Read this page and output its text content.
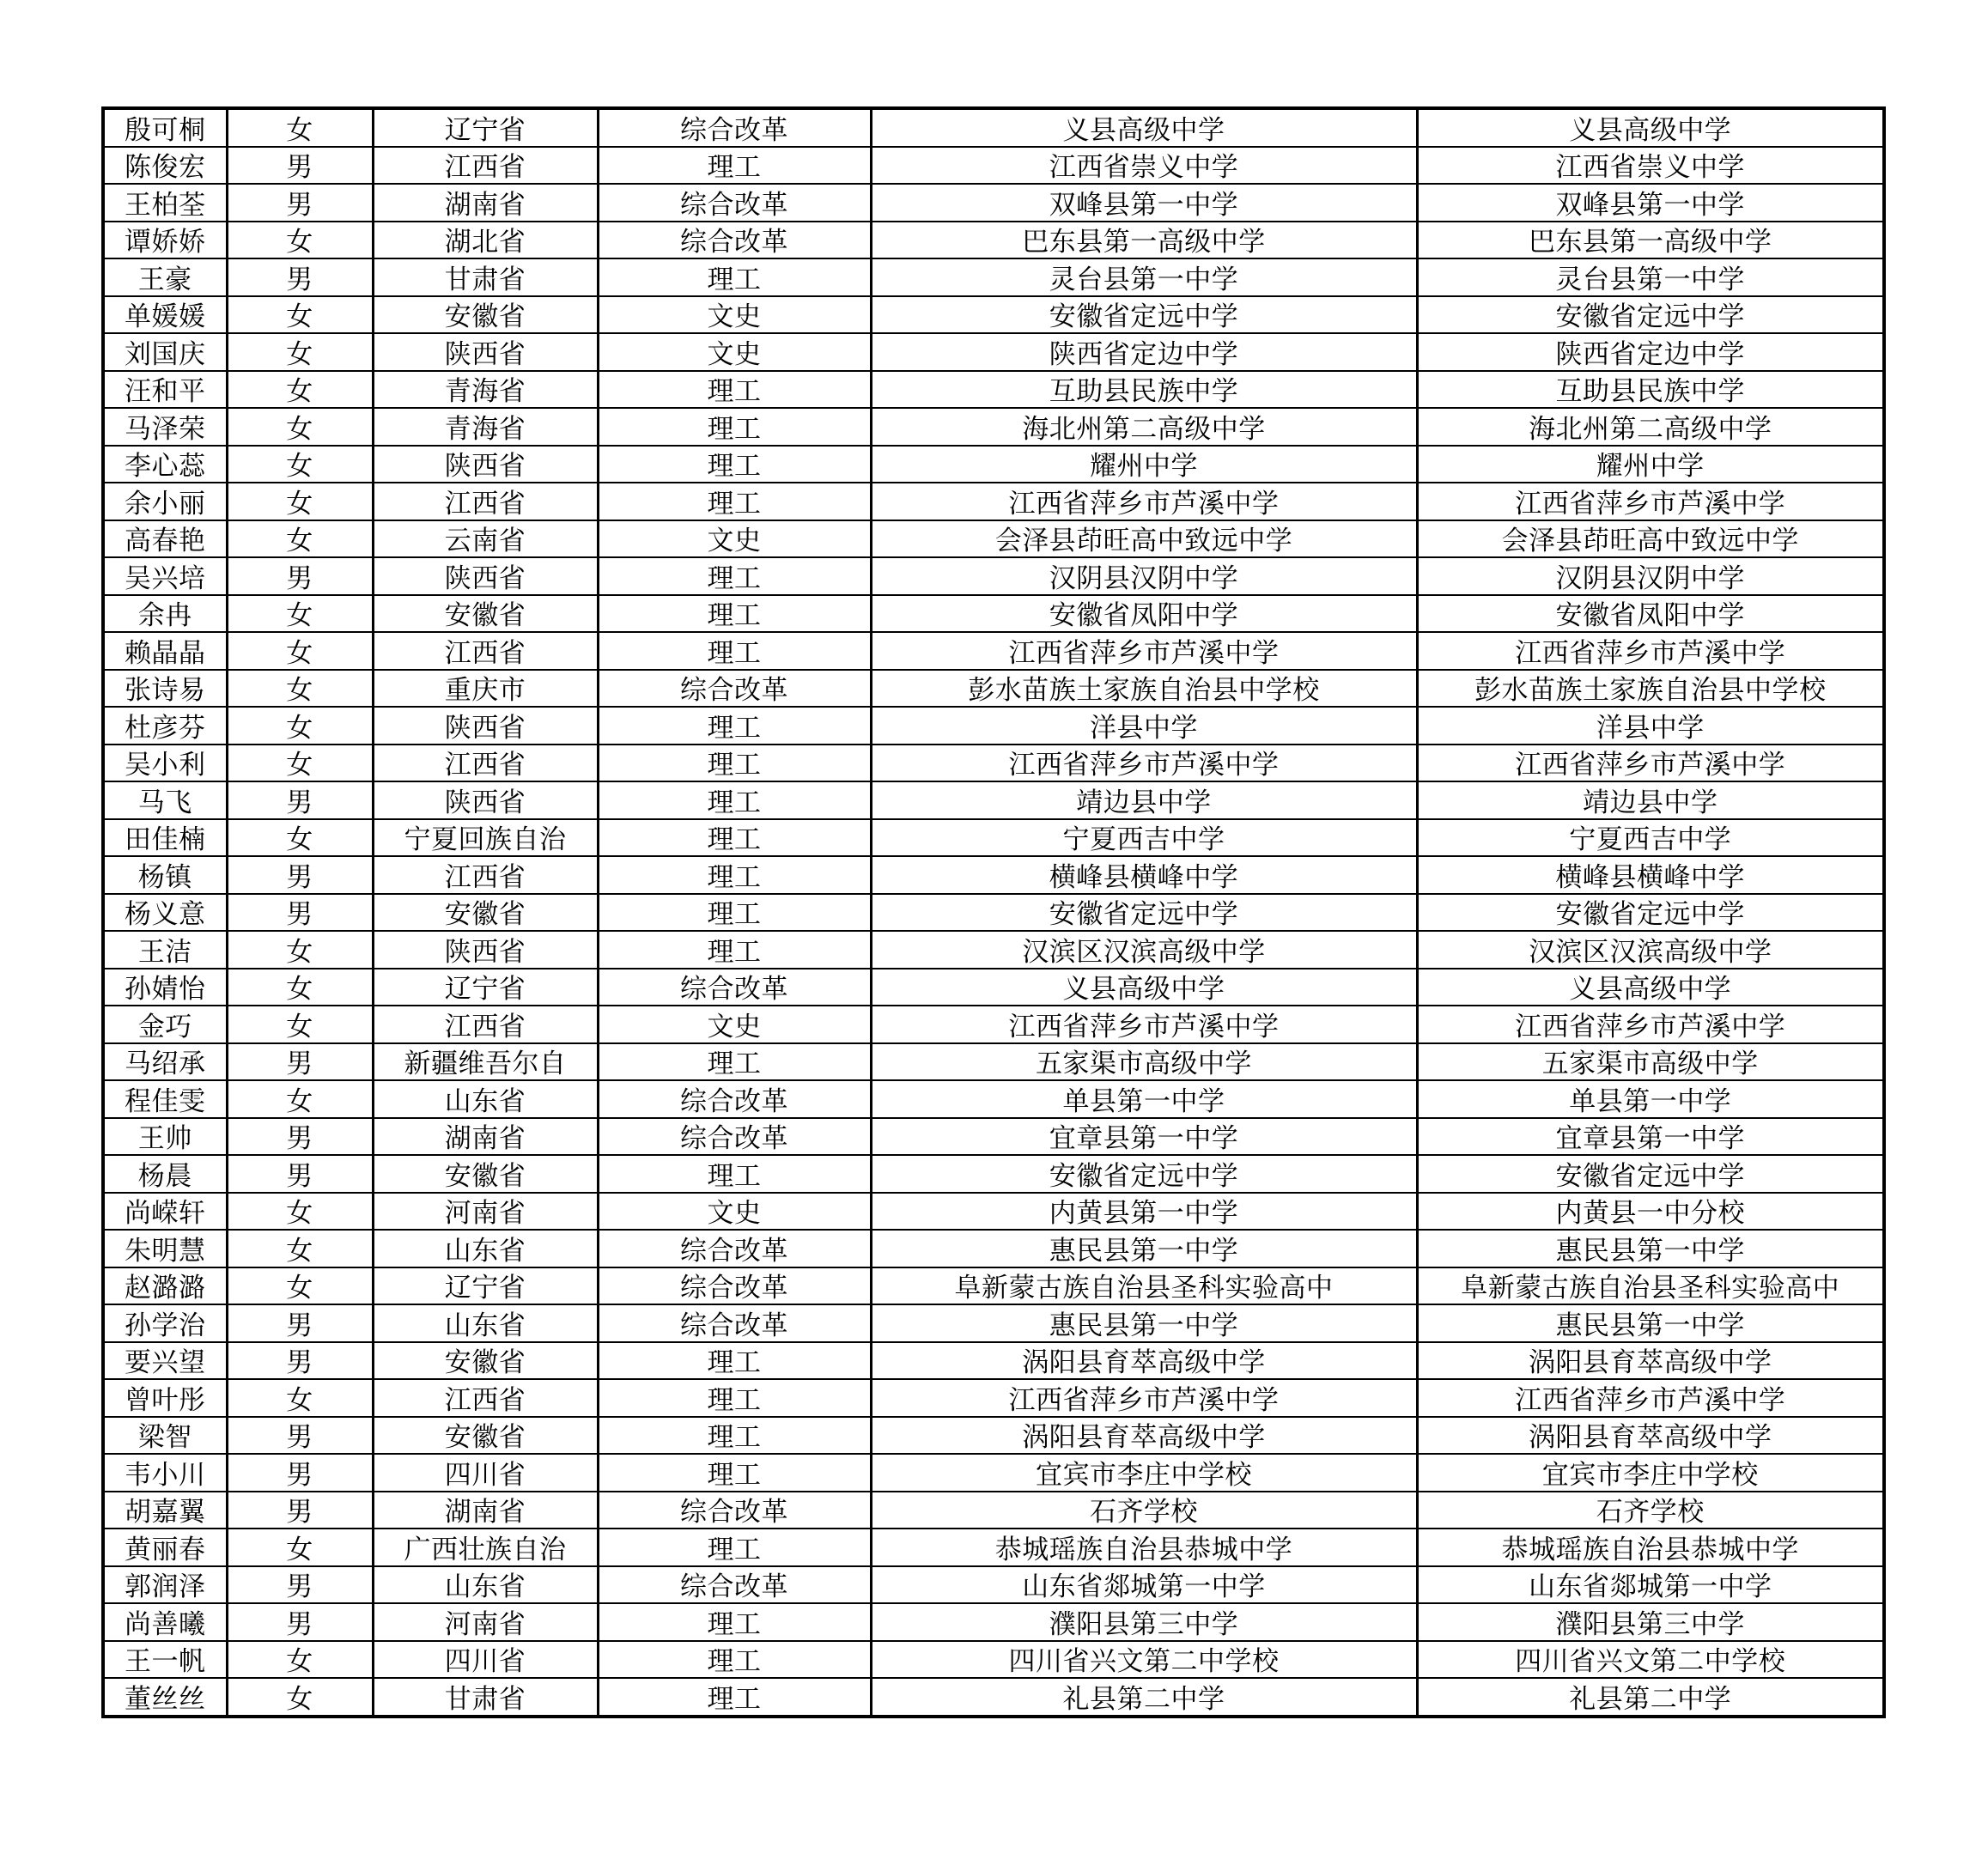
殷可桐	女	辽宁省	综合改革	义县高级中学	义县高级中学
陈俊宏	男	江西省	理工	江西省崇义中学	江西省崇义中学
王柏荃	男	湖南省	综合改革	双峰县第一中学	双峰县第一中学
谭娇娇	女	湖北省	综合改革	巴东县第一高级中学	巴东县第一高级中学
王豪	男	甘肃省	理工	灵台县第一中学	灵台县第一中学
单媛媛	女	安徽省	文史	安徽省定远中学	安徽省定远中学
刘国庆	女	陕西省	文史	陕西省定边中学	陕西省定边中学
汪和平	女	青海省	理工	互助县民族中学	互助县民族中学
马泽荣	女	青海省	理工	海北州第二高级中学	海北州第二高级中学
李心蕊	女	陕西省	理工	耀州中学	耀州中学
余小丽	女	江西省	理工	江西省萍乡市芦溪中学	江西省萍乡市芦溪中学
高春艳	女	云南省	文史	会泽县茚旺高中致远中学	会泽县茚旺高中致远中学
吴兴培	男	陕西省	理工	汉阴县汉阴中学	汉阴县汉阴中学
余冉	女	安徽省	理工	安徽省凤阳中学	安徽省凤阳中学
赖晶晶	女	江西省	理工	江西省萍乡市芦溪中学	江西省萍乡市芦溪中学
张诗易	女	重庆市	综合改革	彭水苗族土家族自治县中学校	彭水苗族土家族自治县中学校
杜彦芬	女	陕西省	理工	洋县中学	洋县中学
吴小利	女	江西省	理工	江西省萍乡市芦溪中学	江西省萍乡市芦溪中学
马飞	男	陕西省	理工	靖边县中学	靖边县中学
田佳楠	女	宁夏回族自治	理工	宁夏西吉中学	宁夏西吉中学
杨镇	男	江西省	理工	横峰县横峰中学	横峰县横峰中学
杨义意	男	安徽省	理工	安徽省定远中学	安徽省定远中学
王洁	女	陕西省	理工	汉滨区汉滨高级中学	汉滨区汉滨高级中学
孙婧怡	女	辽宁省	综合改革	义县高级中学	义县高级中学
金巧	女	江西省	文史	江西省萍乡市芦溪中学	江西省萍乡市芦溪中学
马绍承	男	新疆维吾尔自	理工	五家渠市高级中学	五家渠市高级中学
程佳雯	女	山东省	综合改革	单县第一中学	单县第一中学
王帅	男	湖南省	综合改革	宜章县第一中学	宜章县第一中学
杨晨	男	安徽省	理工	安徽省定远中学	安徽省定远中学
尚嵘轩	女	河南省	文史	内黄县第一中学	内黄县一中分校
朱明慧	女	山东省	综合改革	惠民县第一中学	惠民县第一中学
赵潞潞	女	辽宁省	综合改革	阜新蒙古族自治县圣科实验高中	阜新蒙古族自治县圣科实验高中
孙学治	男	山东省	综合改革	惠民县第一中学	惠民县第一中学
要兴望	男	安徽省	理工	涡阳县育萃高级中学	涡阳县育萃高级中学
曾叶彤	女	江西省	理工	江西省萍乡市芦溪中学	江西省萍乡市芦溪中学
梁智	男	安徽省	理工	涡阳县育萃高级中学	涡阳县育萃高级中学
韦小川	男	四川省	理工	宜宾市李庄中学校	宜宾市李庄中学校
胡嘉翼	男	湖南省	综合改革	石齐学校	石齐学校
黄丽春	女	广西壮族自治	理工	恭城瑶族自治县恭城中学	恭城瑶族自治县恭城中学
郭润泽	男	山东省	综合改革	山东省郯城第一中学	山东省郯城第一中学
尚善曦	男	河南省	理工	濮阳县第三中学	濮阳县第三中学
王一帆	女	四川省	理工	四川省兴文第二中学校	四川省兴文第二中学校
董丝丝	女	甘肃省	理工	礼县第二中学	礼县第二中学
